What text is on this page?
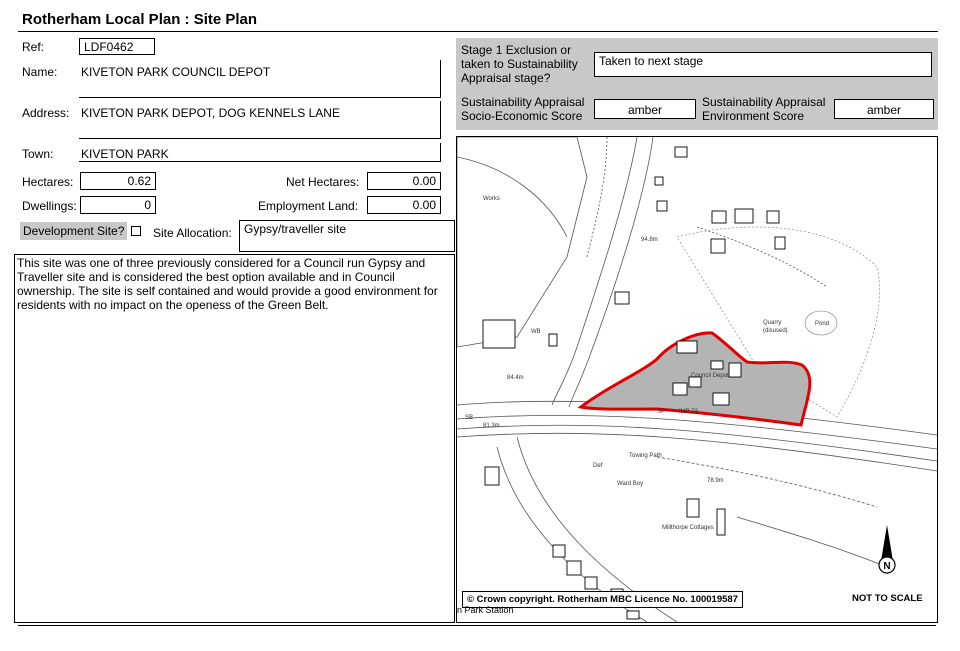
Rotherham Local Plan : Site Plan
Ref:	LDF0462
Name: KIVETON PARK COUNCIL DEPOT
Address: KIVETON PARK DEPOT, DOG KENNELS LANE
Town: KIVETON PARK
Hectares:	0.62	Net Hectares:	0.00
Dwellings:	0	Employment Land:	0.00
Development Site? Site Allocation:	Gypsy/traveller site
This site was one of three previously considered for a Council run Gypsy and Traveller site and is considered the best option available and in Council ownership. The site is self contained and would provide a good environment for residents with no impact on the openess of the Green Belt.
Stage 1 Exclusion or taken to Sustainability Appraisal stage?
Taken to next stage
Sustainability Appraisal Socio-Economic Score	amber
Sustainability Appraisal Environment Score	amber
Works
Quarry
(disused)
Pond
Council Depot
Towing Path
Ward Boy
WB
SP IMP 73
94.8m
84.4m
81.3m
78.9m
Millthorpe Cottages
Def
SB
N
© Crown copyright. Rotherham MBC Licence No. 100019587	NOT TO SCALE
n Park Station
